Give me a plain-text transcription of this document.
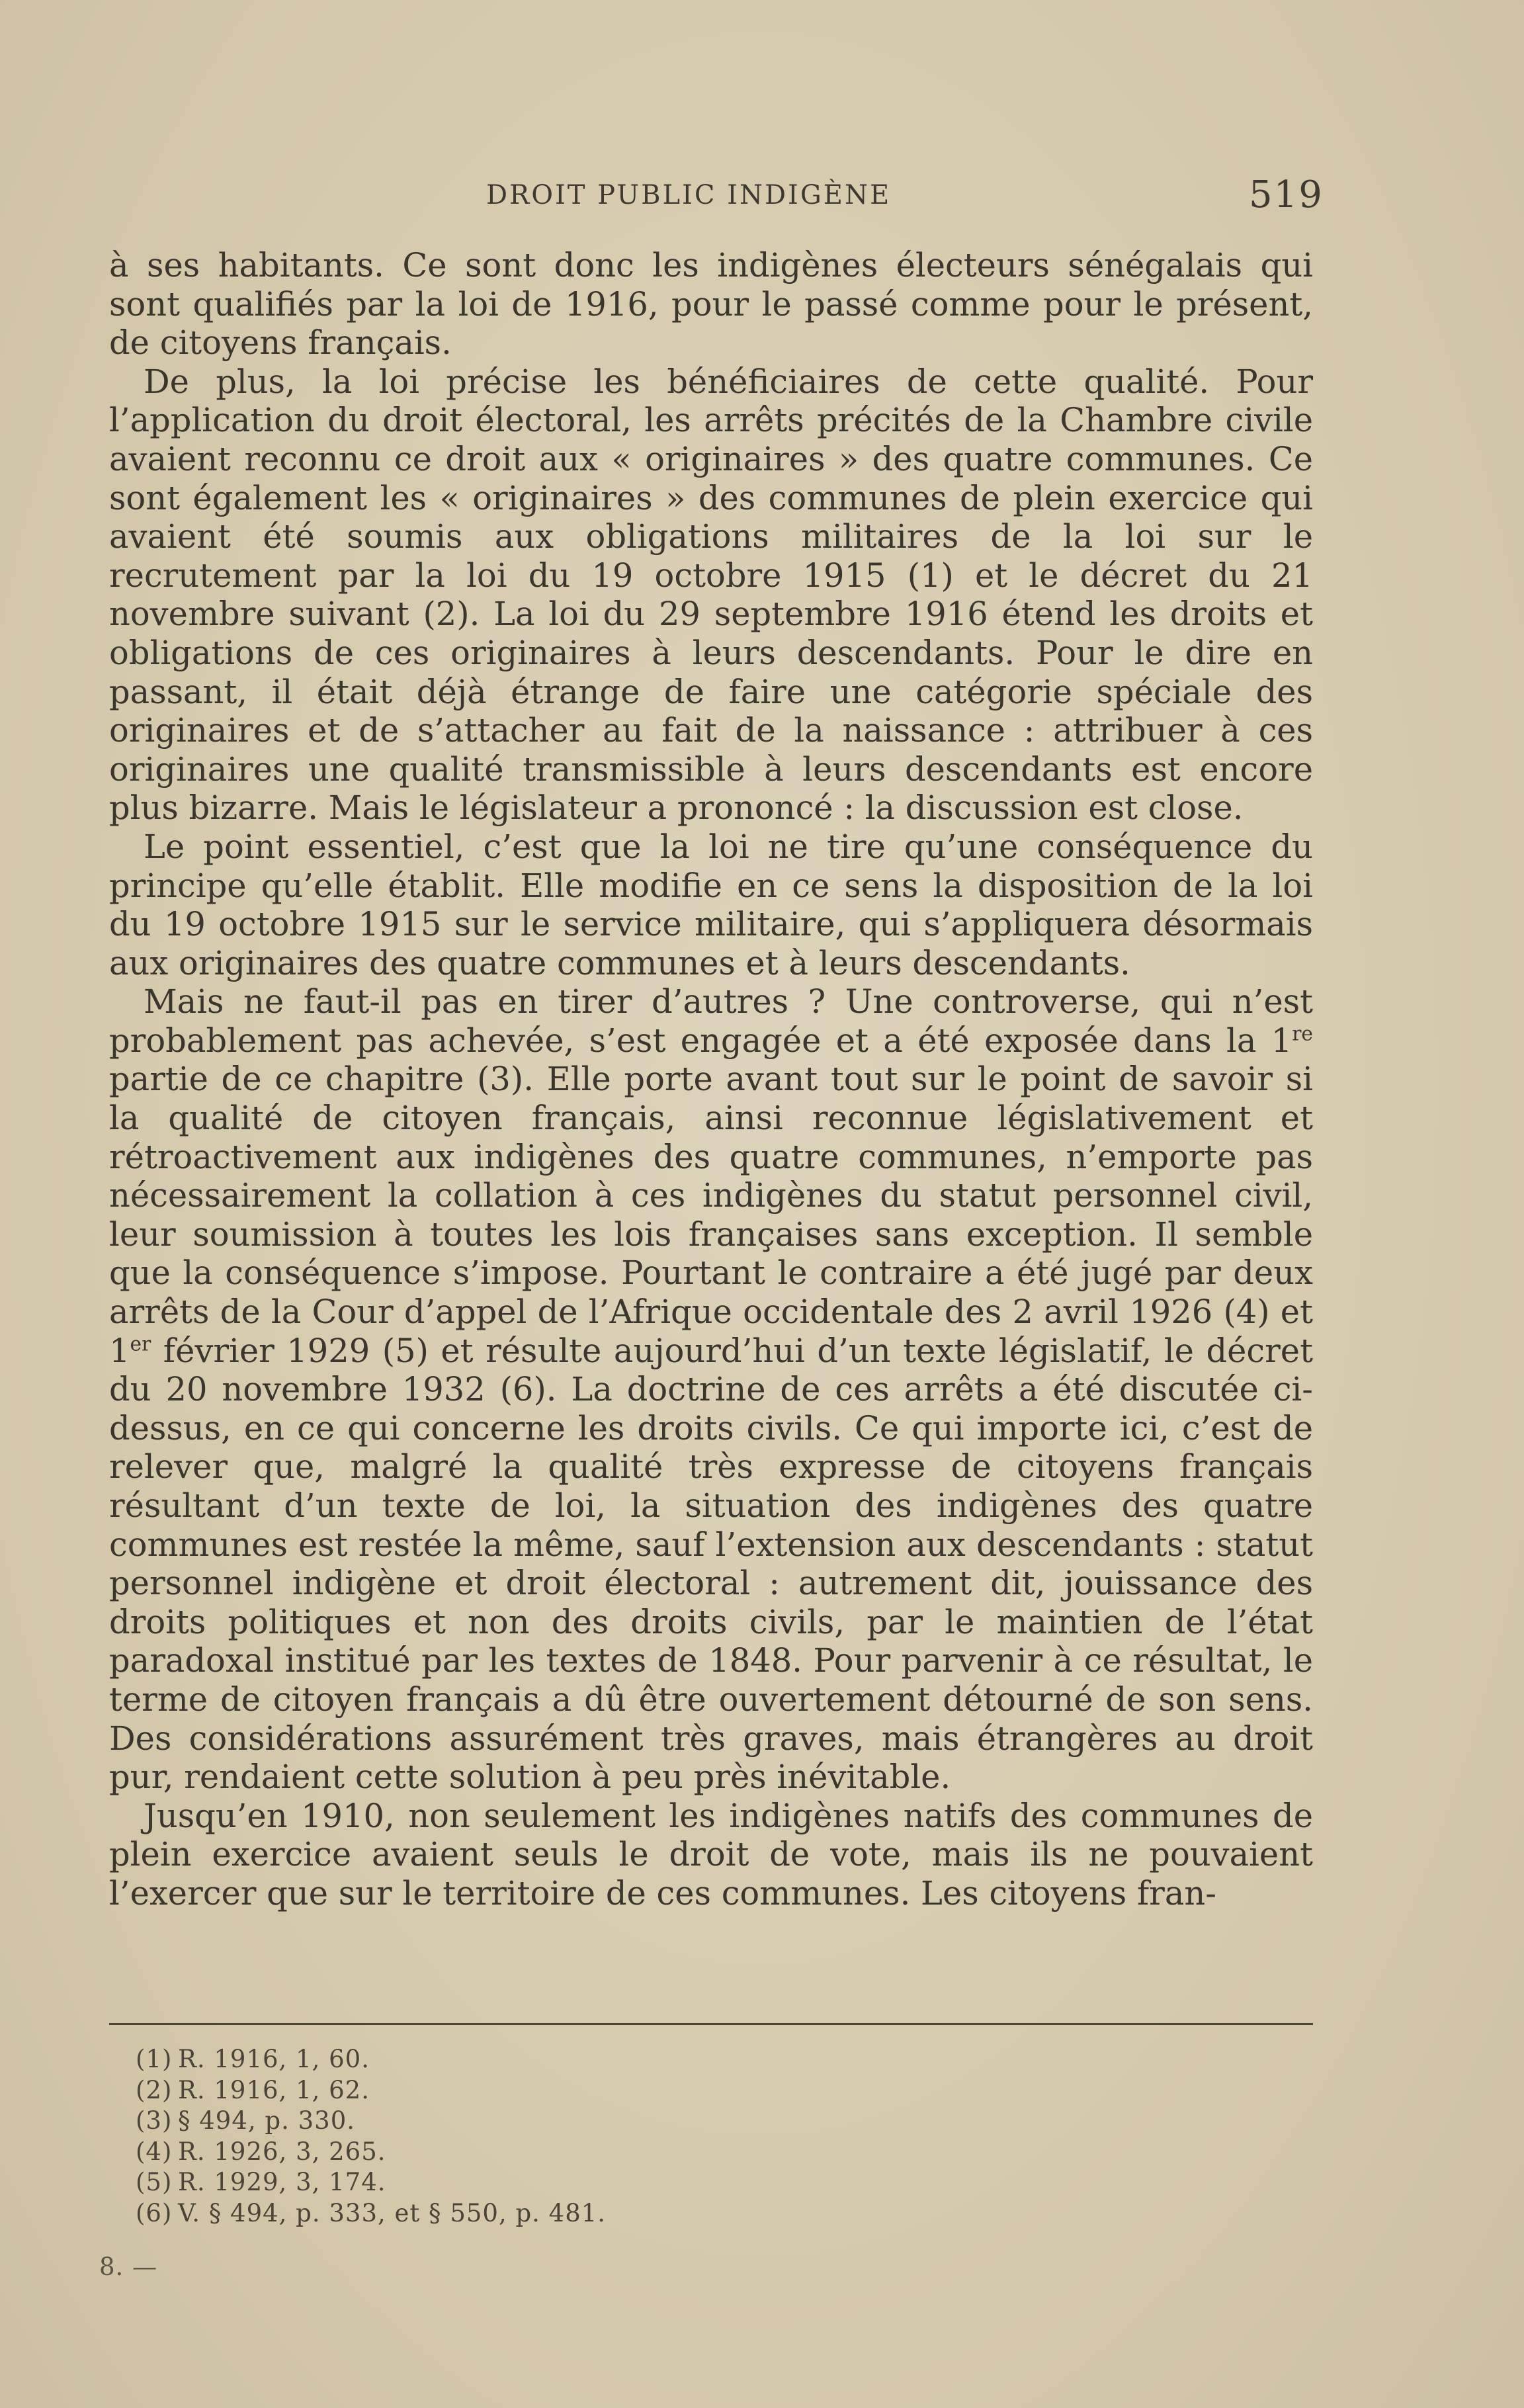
DROIT PUBLIC INDIGÈNE	519

à ses habitants. Ce sont donc les indigènes électeurs sénégalais qui sont qualifiés par la loi de 1916, pour le passé comme pour le présent, de citoyens français.

De plus, la loi précise les bénéficiaires de cette qualité. Pour l’application du droit électoral, les arrêts précités de la Chambre civile avaient reconnu ce droit aux « originaires » des quatre communes. Ce sont également les « originaires » des communes de plein exercice qui avaient été soumis aux obligations militaires de la loi sur le recrutement par la loi du 19 octobre 1915 (1) et le décret du 21 novembre suivant (2). La loi du 29 septembre 1916 étend les droits et obligations de ces originaires à leurs descendants. Pour le dire en passant, il était déjà étrange de faire une catégorie spéciale des originaires et de s’attacher au fait de la naissance : attribuer à ces originaires une qualité transmissible à leurs descendants est encore plus bizarre. Mais le législateur a prononcé : la discussion est close.

Le point essentiel, c’est que la loi ne tire qu’une conséquence du principe qu’elle établit. Elle modifie en ce sens la disposition de la loi du 19 octobre 1915 sur le service militaire, qui s’appliquera désormais aux originaires des quatre communes et à leurs descendants.

Mais ne faut-il pas en tirer d’autres ? Une controverse, qui n’est probablement pas achevée, s’est engagée et a été exposée dans la 1re partie de ce chapitre (3). Elle porte avant tout sur le point de savoir si la qualité de citoyen français, ainsi reconnue législativement et rétroactivement aux indigènes des quatre communes, n’emporte pas nécessairement la collation à ces indigènes du statut personnel civil, leur soumission à toutes les lois françaises sans exception. Il semble que la conséquence s’impose. Pourtant le contraire a été jugé par deux arrêts de la Cour d’appel de l’Afrique occidentale des 2 avril 1926 (4) et 1er février 1929 (5) et résulte aujourd’hui d’un texte législatif, le décret du 20 novembre 1932 (6). La doctrine de ces arrêts a été discutée ci-dessus, en ce qui concerne les droits civils. Ce qui importe ici, c’est de relever que, malgré la qualité très expresse de citoyens français résultant d’un texte de loi, la situation des indigènes des quatre communes est restée la même, sauf l’extension aux descendants : statut personnel indigène et droit électoral : autrement dit, jouissance des droits politiques et non des droits civils, par le maintien de l’état paradoxal institué par les textes de 1848. Pour parvenir à ce résultat, le terme de citoyen français a dû être ouvertement détourné de son sens. Des considérations assurément très graves, mais étrangères au droit pur, rendaient cette solution à peu près inévitable.

Jusqu’en 1910, non seulement les indigènes natifs des communes de plein exercice avaient seuls le droit de vote, mais ils ne pouvaient l’exercer que sur le territoire de ces communes. Les citoyens fran-

(1) R. 1916, 1, 60.
(2) R. 1916, 1, 62.
(3) § 494, p. 330.
(4) R. 1926, 3, 265.
(5) R. 1929, 3, 174.
(6) V. § 494, p. 333, et § 550, p. 481.
8. —
